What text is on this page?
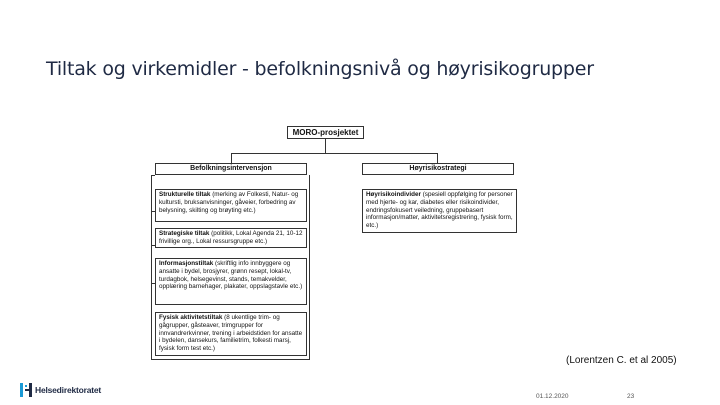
Tiltak og virkemidler - befolkningsnivå og høyrisikogrupper
MORO-prosjektet
Befolkningsintervensjon	Høyrisikostrategi
Strukturelle tiltak (merking av Folkesti, Natur- og kultursti, bruksanvisninger, gåveier, forbedring av belysning, skilting og brøyting etc.)
Strategiske tiltak (politikk, Lokal Agenda 21, 10-12 frivillige org., Lokal ressursgruppe etc.)
Informasjonstiltak (skriftlig info innbyggere og ansatte i bydel, brosjyrer, grønn resept, lokal-tv, turdagbok, helsegevinst, stands, temakvelder, opplæring barnehager, plakater, oppslagstavle etc.)
Fysisk aktivitetstiltak (8 ukentlige trim- og gågrupper, gåsteaver, trimgrupper for innvandrerkvinner, trening i arbeidstiden for ansatte i bydelen, dansekurs, familietrim, folkesti marsj, fysisk form test etc.)
Høyrisikoindivider (spesiell oppfølging for personer med hjerte- og kar, diabetes eller risikoindivider, endringsfokusert veiledning, gruppebasert informasjon/matter, aktivitetsregistrering, fysisk form, etc.)
(Lorentzen C. et al 2005)
Helsedirektoratet
01.12.2020	23
